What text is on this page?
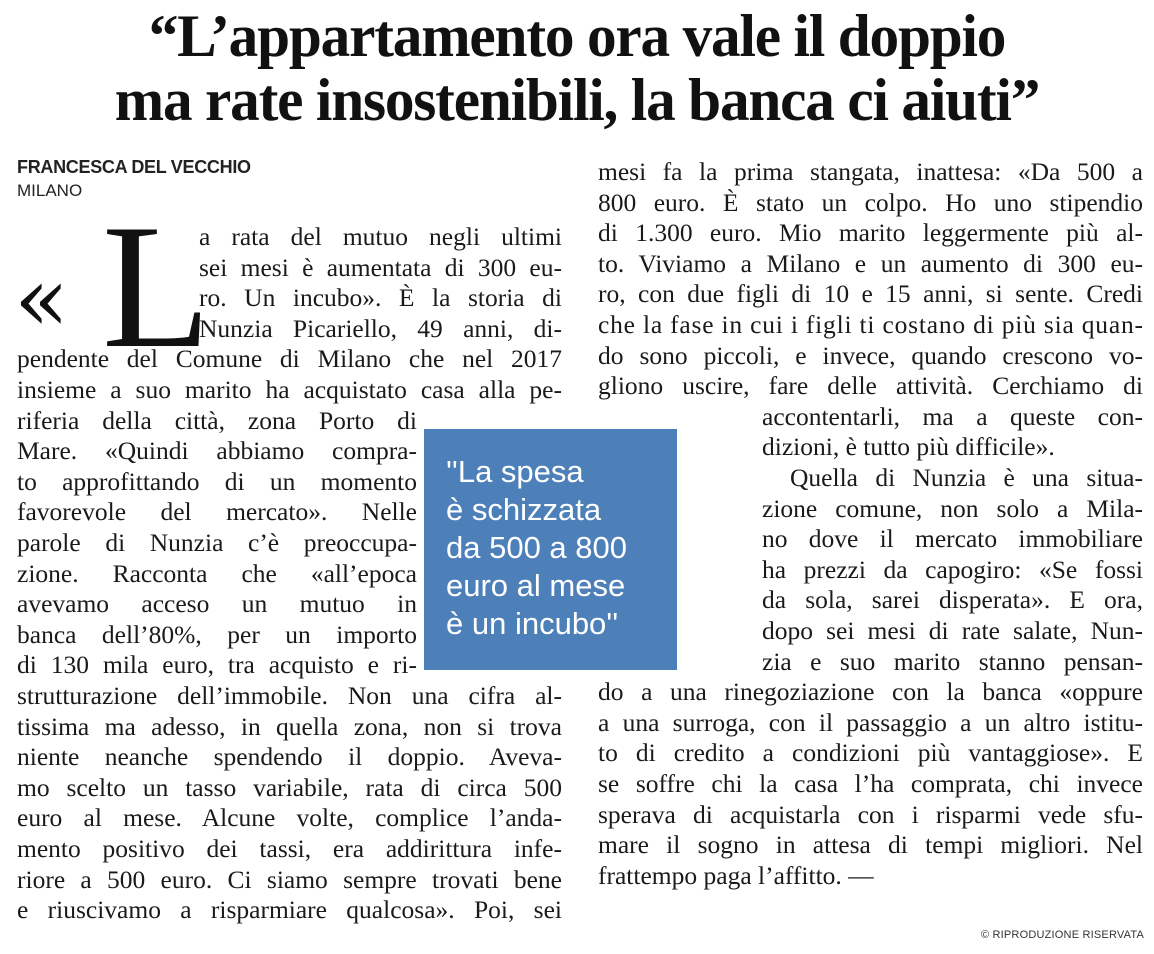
“L’appartamento ora vale il doppio
ma rate insostenibili, la banca ci aiuti”
FRANCESCA DEL VECCHIO
MILANO
« L
a rata del mutuo negli ultimi
sei mesi è aumentata di 300 eu-
ro. Un incubo». È la storia di
Nunzia Picariello, 49 anni, di-
pendente del Comune di Milano che nel 2017
insieme a suo marito ha acquistato casa alla pe-
riferia della città, zona Porto di
Mare. «Quindi abbiamo compra-
to approfittando di un momento
favorevole del mercato». Nelle
parole di Nunzia c’è preoccupa-
zione. Racconta che «all’epoca
avevamo acceso un mutuo in
banca dell’80%, per un importo
di 130 mila euro, tra acquisto e ri-
strutturazione dell’immobile. Non una cifra al-
tissima ma adesso, in quella zona, non si trova
niente neanche spendendo il doppio. Aveva-
mo scelto un tasso variabile, rata di circa 500
euro al mese. Alcune volte, complice l’anda-
mento positivo dei tassi, era addirittura infe-
riore a 500 euro. Ci siamo sempre trovati bene
e riuscivamo a risparmiare qualcosa». Poi, sei
mesi fa la prima stangata, inattesa: «Da 500 a
800 euro. È stato un colpo. Ho uno stipendio
di 1.300 euro. Mio marito leggermente più al-
to. Viviamo a Milano e un aumento di 300 eu-
ro, con due figli di 10 e 15 anni, si sente. Credi
che la fase in cui i figli ti costano di più sia quan-
do sono piccoli, e invece, quando crescono vo-
gliono uscire, fare delle attività. Cerchiamo di
accontentarli, ma a queste con-
dizioni, è tutto più difficile».
Quella di Nunzia è una situa-
zione comune, non solo a Mila-
no dove il mercato immobiliare
ha prezzi da capogiro: «Se fossi
da sola, sarei disperata». E ora,
dopo sei mesi di rate salate, Nun-
zia e suo marito stanno pensan-
do a una rinegoziazione con la banca «oppure
a una surroga, con il passaggio a un altro istitu-
to di credito a condizioni più vantaggiose». E
se soffre chi la casa l’ha comprata, chi invece
sperava di acquistarla con i risparmi vede sfu-
mare il sogno in attesa di tempi migliori. Nel
frattempo paga l’affitto. —
''La spesa
è schizzata
da 500 a 800
euro al mese
è un incubo''
© RIPRODUZIONE RISERVATA
